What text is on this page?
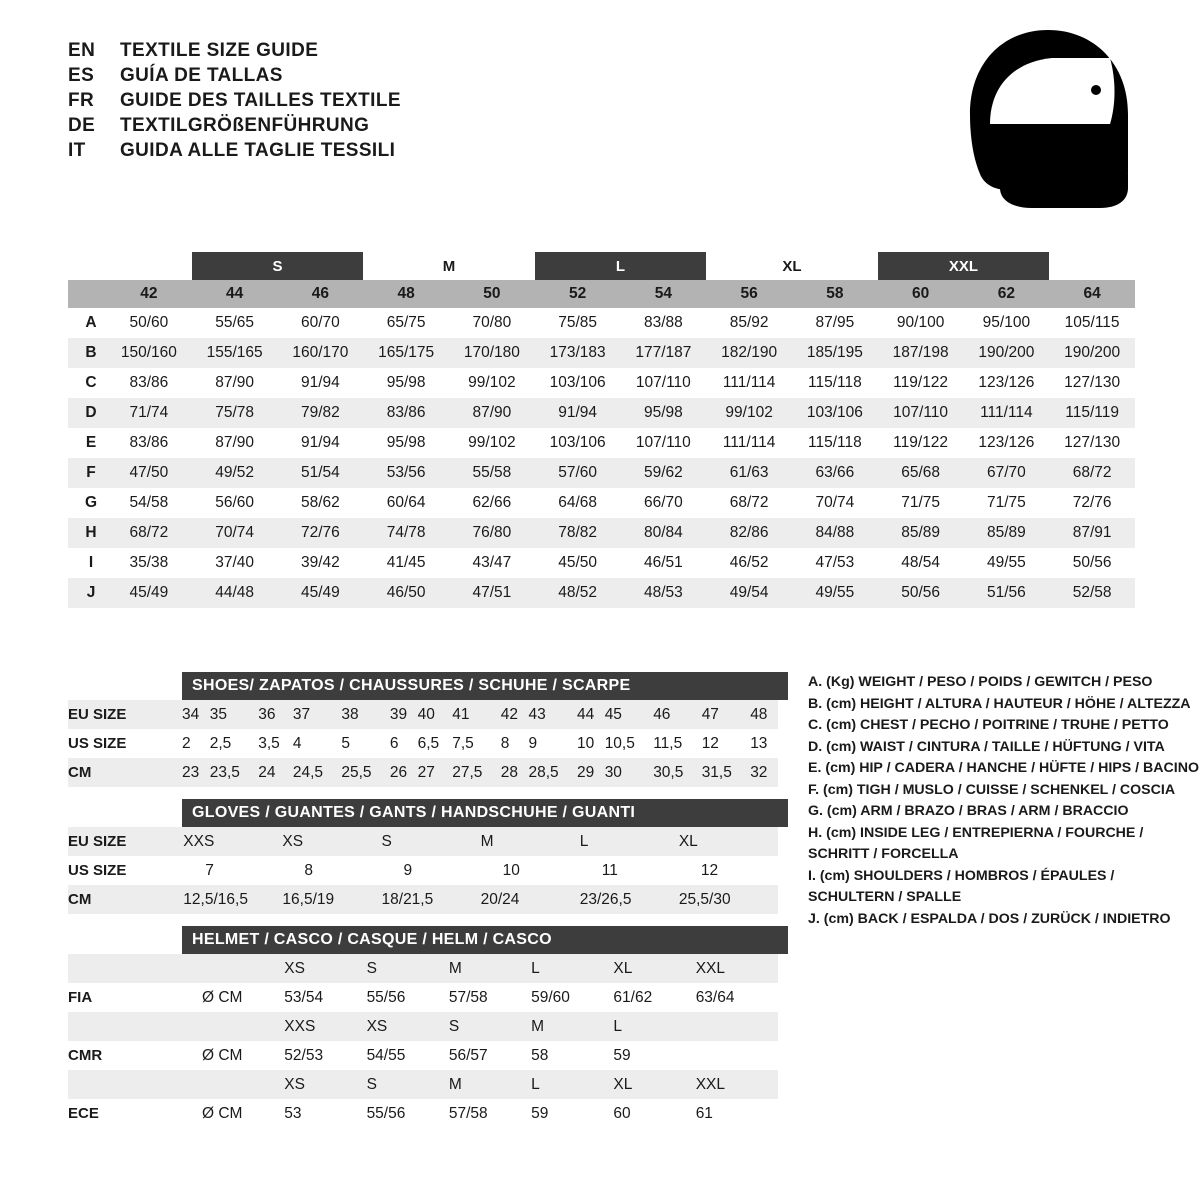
EN	TEXTILE SIZE GUIDE
ES	GUÍA DE TALLAS
FR	GUIDE DES TAILLES TEXTILE
DE	TEXTILGRÖßENFÜHRUNG
IT	GUIDA ALLE TAGLIE TESSILI
		S		M		L		XL		XXL		
	42	44	46	48	50	52	54	56	58	60	62	64
A	50/60	55/65	60/70	65/75	70/80	75/85	83/88	85/92	87/95	90/100	95/100	105/115
B	150/160	155/165	160/170	165/175	170/180	173/183	177/187	182/190	185/195	187/198	190/200	190/200
C	83/86	87/90	91/94	95/98	99/102	103/106	107/110	111/114	115/118	119/122	123/126	127/130
D	71/74	75/78	79/82	83/86	87/90	91/94	95/98	99/102	103/106	107/110	111/114	115/119
E	83/86	87/90	91/94	95/98	99/102	103/106	107/110	111/114	115/118	119/122	123/126	127/130
F	47/50	49/52	51/54	53/56	55/58	57/60	59/62	61/63	63/66	65/68	67/70	68/72
G	54/58	56/60	58/62	60/64	62/66	64/68	66/70	68/72	70/74	71/75	71/75	72/76
H	68/72	70/74	72/76	74/78	76/80	78/82	80/84	82/86	84/88	85/89	85/89	87/91
I	35/38	37/40	39/42	41/45	43/47	45/50	46/51	46/52	47/53	48/54	49/55	50/56
J	45/49	44/48	45/49	46/50	47/51	48/52	48/53	49/54	49/55	50/56	51/56	52/58
SHOES/ ZAPATOS / CHAUSSURES / SCHUHE / SCARPE
EU SIZE	34	35	36	37	38	39	40	41	42	43	44	45	46	47	48
US SIZE	2	2,5	3,5	4	5	6	6,5	7,5	8	9	10	10,5	11,5	12	13
CM	23	23,5	24	24,5	25,5	26	27	27,5	28	28,5	29	30	30,5	31,5	32
GLOVES / GUANTES / GANTS / HANDSCHUHE / GUANTI
EU SIZE	XXS	XS	S	M	L	XL
US SIZE	7	8	9	10	11	12
CM	12,5/16,5	16,5/19	18/21,5	20/24	23/26,5	25,5/30
HELMET / CASCO / CASQUE / HELM / CASCO
		XS	S	M	L	XL	XXL
FIA	Ø CM	53/54	55/56	57/58	59/60	61/62	63/64
		XXS	XS	S	M	L	
CMR	Ø CM	52/53	54/55	56/57	58	59	
		XS	S	M	L	XL	XXL
ECE	Ø CM	53	55/56	57/58	59	60	61
A. (Kg) WEIGHT / PESO / POIDS / GEWITCH / PESO
B. (cm) HEIGHT / ALTURA / HAUTEUR / HÖHE / ALTEZZA
C. (cm) CHEST / PECHO / POITRINE / TRUHE / PETTO
D. (cm) WAIST / CINTURA / TAILLE / HÜFTUNG / VITA
E. (cm) HIP / CADERA / HANCHE / HÜFTE / HIPS / BACINO
F. (cm) TIGH / MUSLO / CUISSE / SCHENKEL / COSCIA
G. (cm) ARM / BRAZO / BRAS / ARM / BRACCIO
H. (cm) INSIDE LEG / ENTREPIERNA / FOURCHE /
SCHRITT / FORCELLA
I. (cm) SHOULDERS / HOMBROS / ÉPAULES /
SCHULTERN / SPALLE
J. (cm) BACK / ESPALDA / DOS / ZURÜCK / INDIETRO
